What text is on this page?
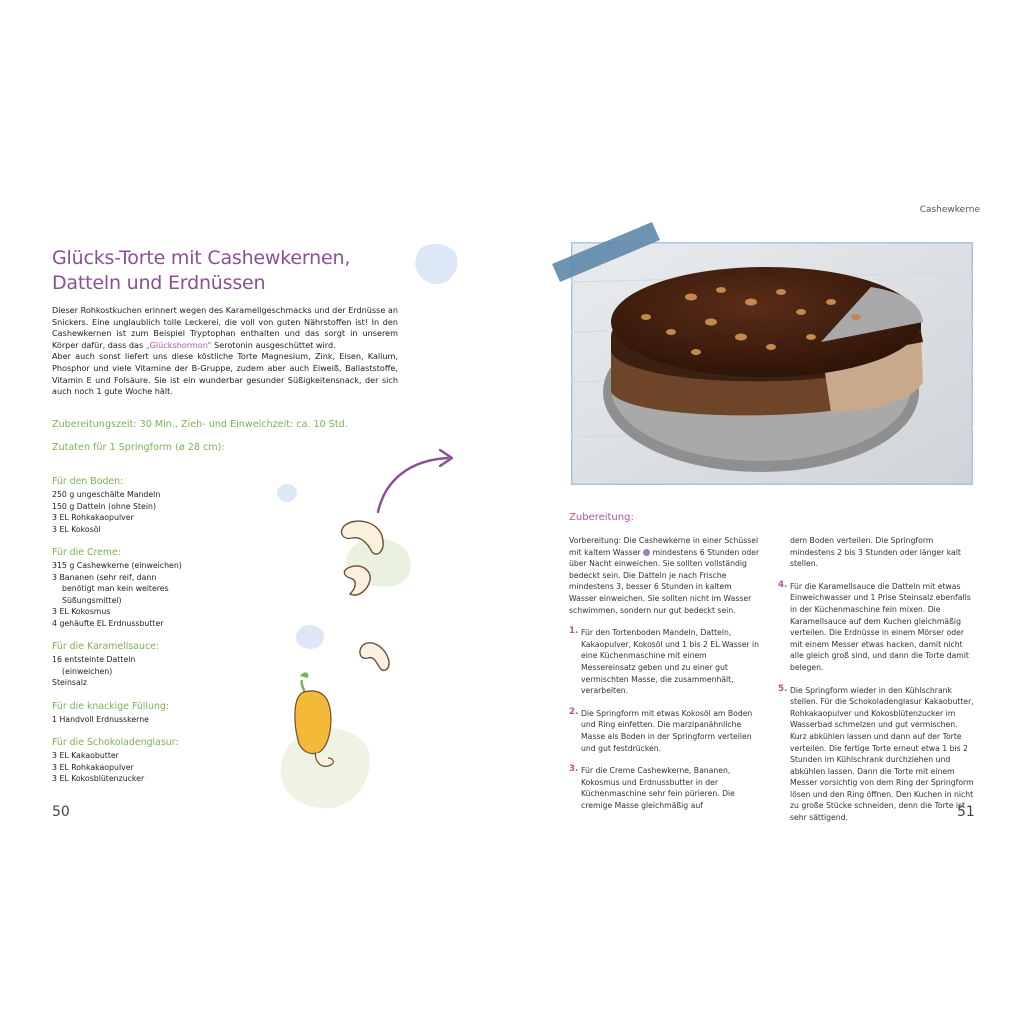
Glücks-Torte mit Cashewkernen,
Datteln und Erdnüssen
Dieser Rohkostkuchen erinnert wegen des Karamellgeschmacks und der Erdnüsse an Snickers. Eine unglaublich tolle Leckerei, die voll von guten Nährstoffen ist! In den Cashewkernen ist zum Beispiel Tryptophan enthalten und das sorgt in unserem Körper dafür, dass das „Glückshormon“ Serotonin ausgeschüttet wird.
Aber auch sonst liefert uns diese köstliche Torte Magnesium, Zink, Eisen, Kalium, Phosphor und viele Vitamine der B-Gruppe, zudem aber auch Eiweiß, Ballaststoffe, Vitamin E und Folsäure. Sie ist ein wunderbar gesunder Süßigkeitensnack, der sich auch noch 1 gute Woche hält.
Zubereitungszeit: 30 Min., Zieh- und Einweichzeit: ca. 10 Std.
Zutaten für 1 Springform (ø 28 cm):
Für den Boden:
250 g ungeschälte Mandeln
150 g Datteln (ohne Stein)
3 EL Rohkakaopulver
3 EL Kokosöl
Für die Creme:
315 g Cashewkerne (einweichen)
3 Bananen (sehr reif, dann
benötigt man kein weiteres
Süßungsmittel)
3 EL Kokosmus
4 gehäufte EL Erdnussbutter
Für die Karamellsauce:
16 entsteinte Datteln
(einweichen)
Steinsalz
Für die knackige Füllung:
1 Handvoll Erdnusskerne
Für die Schokoladenglasur:
3 EL Kakaobutter
3 EL Rohkakaopulver
3 EL Kokosblütenzucker
50
Cashewkerne
Zubereitung:

Vorbereitung: Die Cashewkerne in einer Schüssel mit kaltem Wasser mindestens 6 Stunden oder über Nacht einweichen. Sie sollten vollständig bedeckt sein. Die Datteln je nach Frische mindestens 3, besser 6 Stunden in kaltem Wasser einweichen. Sie sollten nicht im Wasser schwimmen, sondern nur gut bedeckt sein.

1. Für den Tortenboden Mandeln, Datteln, Kakaopulver, Kokosöl und 1 bis 2 EL Wasser in eine Küchenmaschine mit einem Messereinsatz geben und zu einer gut vermischten Masse, die zusammenhält, verarbeiten.
2. Die Springform mit etwas Kokosöl am Boden und Ring einfetten. Die marzipanähnliche Masse als Boden in der Springform verteilen und gut festdrücken.
3. Für die Creme Cashewkerne, Bananen, Kokosmus und Erdnussbutter in der Küchenmaschine sehr fein pürieren. Die cremige Masse gleichmäßig auf

dem Boden verteilen. Die Springform mindestens 2 bis 3 Stunden oder länger kalt stellen.

4. Für die Karamellsauce die Datteln mit etwas Einweichwasser und 1 Prise Steinsalz ebenfalls in der Küchenmaschine fein mixen. Die Karamellsauce auf dem Kuchen gleichmäßig verteilen. Die Erdnüsse in einem Mörser oder mit einem Messer etwas hacken, damit nicht alle gleich groß sind, und dann die Torte damit belegen.
5. Die Springform wieder in den Kühlschrank stellen. Für die Schokoladenglasur Kakaobutter, Rohkakaopulver und Kokosblütenzucker im Wasserbad schmelzen und gut vermischen. Kurz abkühlen lassen und dann auf der Torte verteilen. Die fertige Torte erneut etwa 1 bis 2 Stunden im Kühlschrank durchziehen und abkühlen lassen. Dann die Torte mit einem Messer vorsichtig von dem Ring der Springform lösen und den Ring öffnen. Den Kuchen in nicht zu große Stücke schneiden, denn die Torte ist sehr sättigend.	51
